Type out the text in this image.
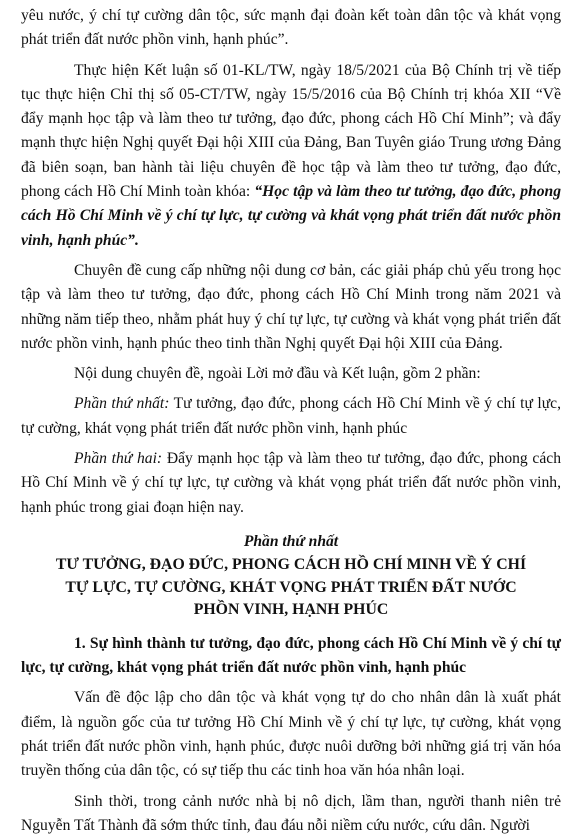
yêu nước, ý chí tự cường dân tộc, sức mạnh đại đoàn kết toàn dân tộc và khát vọng phát triển đất nước phồn vinh, hạnh phúc”.

Thực hiện Kết luận số 01-KL/TW, ngày 18/5/2021 của Bộ Chính trị về tiếp tục thực hiện Chỉ thị số 05-CT/TW, ngày 15/5/2016 của Bộ Chính trị khóa XII “Về đẩy mạnh học tập và làm theo tư tưởng, đạo đức, phong cách Hồ Chí Minh”; và đẩy mạnh thực hiện Nghị quyết Đại hội XIII của Đảng, Ban Tuyên giáo Trung ương Đảng đã biên soạn, ban hành tài liệu chuyên đề học tập và làm theo tư tưởng, đạo đức, phong cách Hồ Chí Minh toàn khóa: “Học tập và làm theo tư tưởng, đạo đức, phong cách Hồ Chí Minh về ý chí tự lực, tự cường và khát vọng phát triển đất nước phồn vinh, hạnh phúc”.

Chuyên đề cung cấp những nội dung cơ bản, các giải pháp chủ yếu trong học tập và làm theo tư tưởng, đạo đức, phong cách Hồ Chí Minh trong năm 2021 và những năm tiếp theo, nhằm phát huy ý chí tự lực, tự cường và khát vọng phát triển đất nước phồn vinh, hạnh phúc theo tinh thần Nghị quyết Đại hội XIII của Đảng.

Nội dung chuyên đề, ngoài Lời mở đầu và Kết luận, gồm 2 phần:

Phần thứ nhất: Tư tưởng, đạo đức, phong cách Hồ Chí Minh về ý chí tự lực, tự cường, khát vọng phát triển đất nước phồn vinh, hạnh phúc

Phần thứ hai: Đẩy mạnh học tập và làm theo tư tưởng, đạo đức, phong cách Hồ Chí Minh về ý chí tự lực, tự cường và khát vọng phát triển đất nước phồn vinh, hạnh phúc trong giai đoạn hiện nay.

Phần thứ nhất

TƯ TƯỞNG, ĐẠO ĐỨC, PHONG CÁCH HỒ CHÍ MINH VỀ Ý CHÍ

TỰ LỰC, TỰ CƯỜNG, KHÁT VỌNG PHÁT TRIỂN ĐẤT NƯỚC

PHỒN VINH, HẠNH PHÚC

1. Sự hình thành tư tưởng, đạo đức, phong cách Hồ Chí Minh về ý chí tự lực, tự cường, khát vọng phát triển đất nước phồn vinh, hạnh phúc

Vấn đề độc lập cho dân tộc và khát vọng tự do cho nhân dân là xuất phát điểm, là nguồn gốc của tư tưởng Hồ Chí Minh về ý chí tự lực, tự cường, khát vọng phát triển đất nước phồn vinh, hạnh phúc, được nuôi dưỡng bởi những giá trị văn hóa truyền thống của dân tộc, có sự tiếp thu các tinh hoa văn hóa nhân loại.

Sinh thời, trong cảnh nước nhà bị nô dịch, lầm than, người thanh niên trẻ Nguyễn Tất Thành đã sớm thức tỉnh, đau đáu nỗi niềm cứu nước, cứu dân. Người
